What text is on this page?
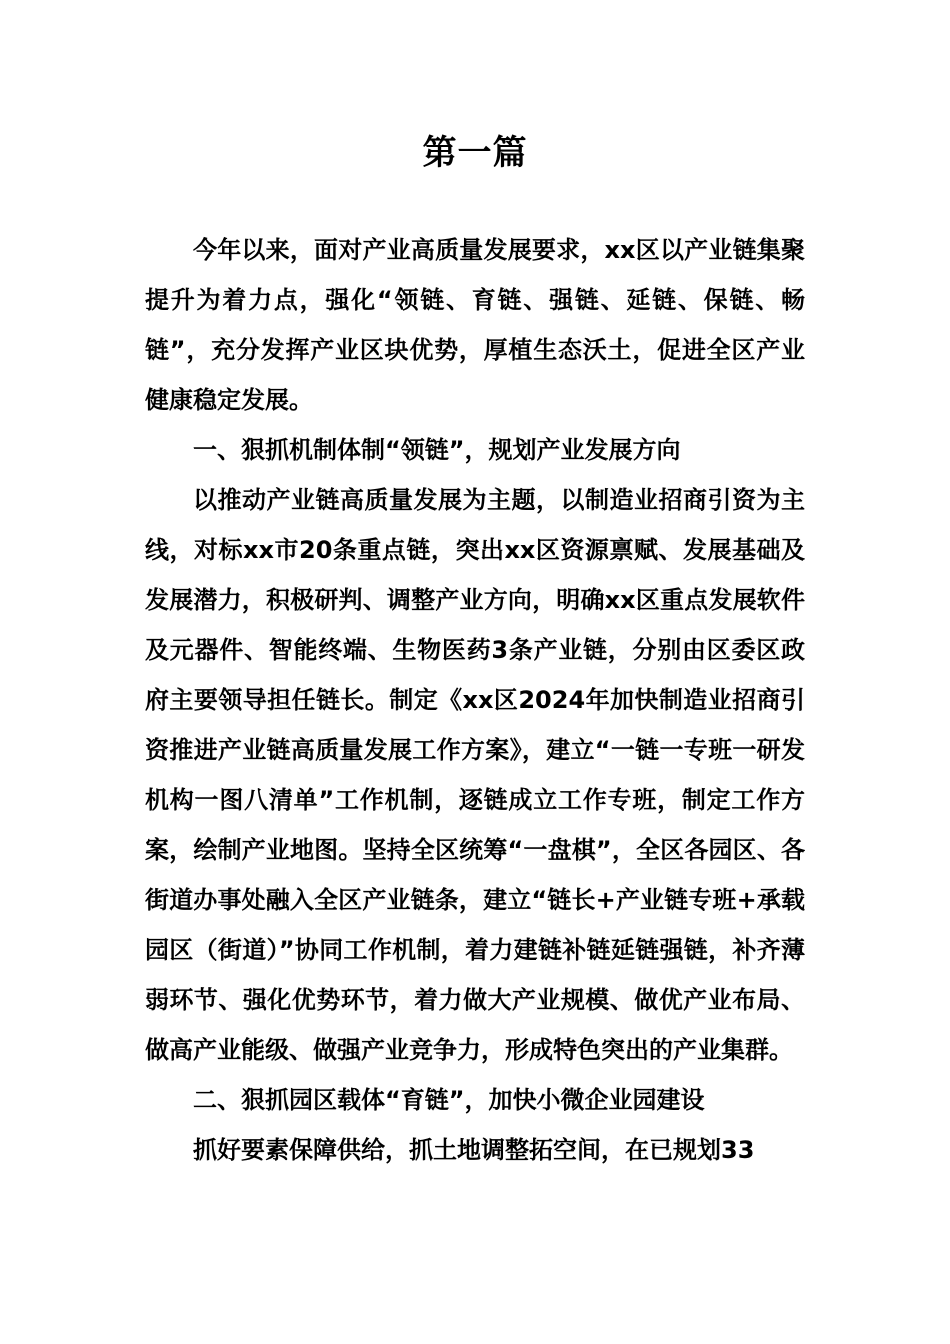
第一篇

今年以来，面对产业高质量发展要求，xx区以产业链集聚提升为着力点，强化“领链、育链、强链、延链、保链、畅链”，充分发挥产业区块优势，厚植生态沃土，促进全区产业健康稳定发展。

一、狠抓机制体制“领链”，规划产业发展方向

以推动产业链高质量发展为主题，以制造业招商引资为主线，对标xx市20条重点链，突出xx区资源禀赋、发展基础及发展潜力，积极研判、调整产业方向，明确xx区重点发展软件及元器件、智能终端、生物医药3条产业链，分别由区委区政府主要领导担任链长。制定《xx区2024年加快制造业招商引资推进产业链高质量发展工作方案》，建立“一链一专班一研发机构一图八清单”工作机制，逐链成立工作专班，制定工作方案，绘制产业地图。坚持全区统筹“一盘棋”，全区各园区、各街道办事处融入全区产业链条，建立“链长+产业链专班+承载园区（街道）”协同工作机制，着力建链补链延链强链，补齐薄弱环节、强化优势环节，着力做大产业规模、做优产业布局、做高产业能级、做强产业竞争力，形成特色突出的产业集群。

二、狠抓园区载体“育链”，加快小微企业园建设

抓好要素保障供给，抓土地调整拓空间，在已规划33
